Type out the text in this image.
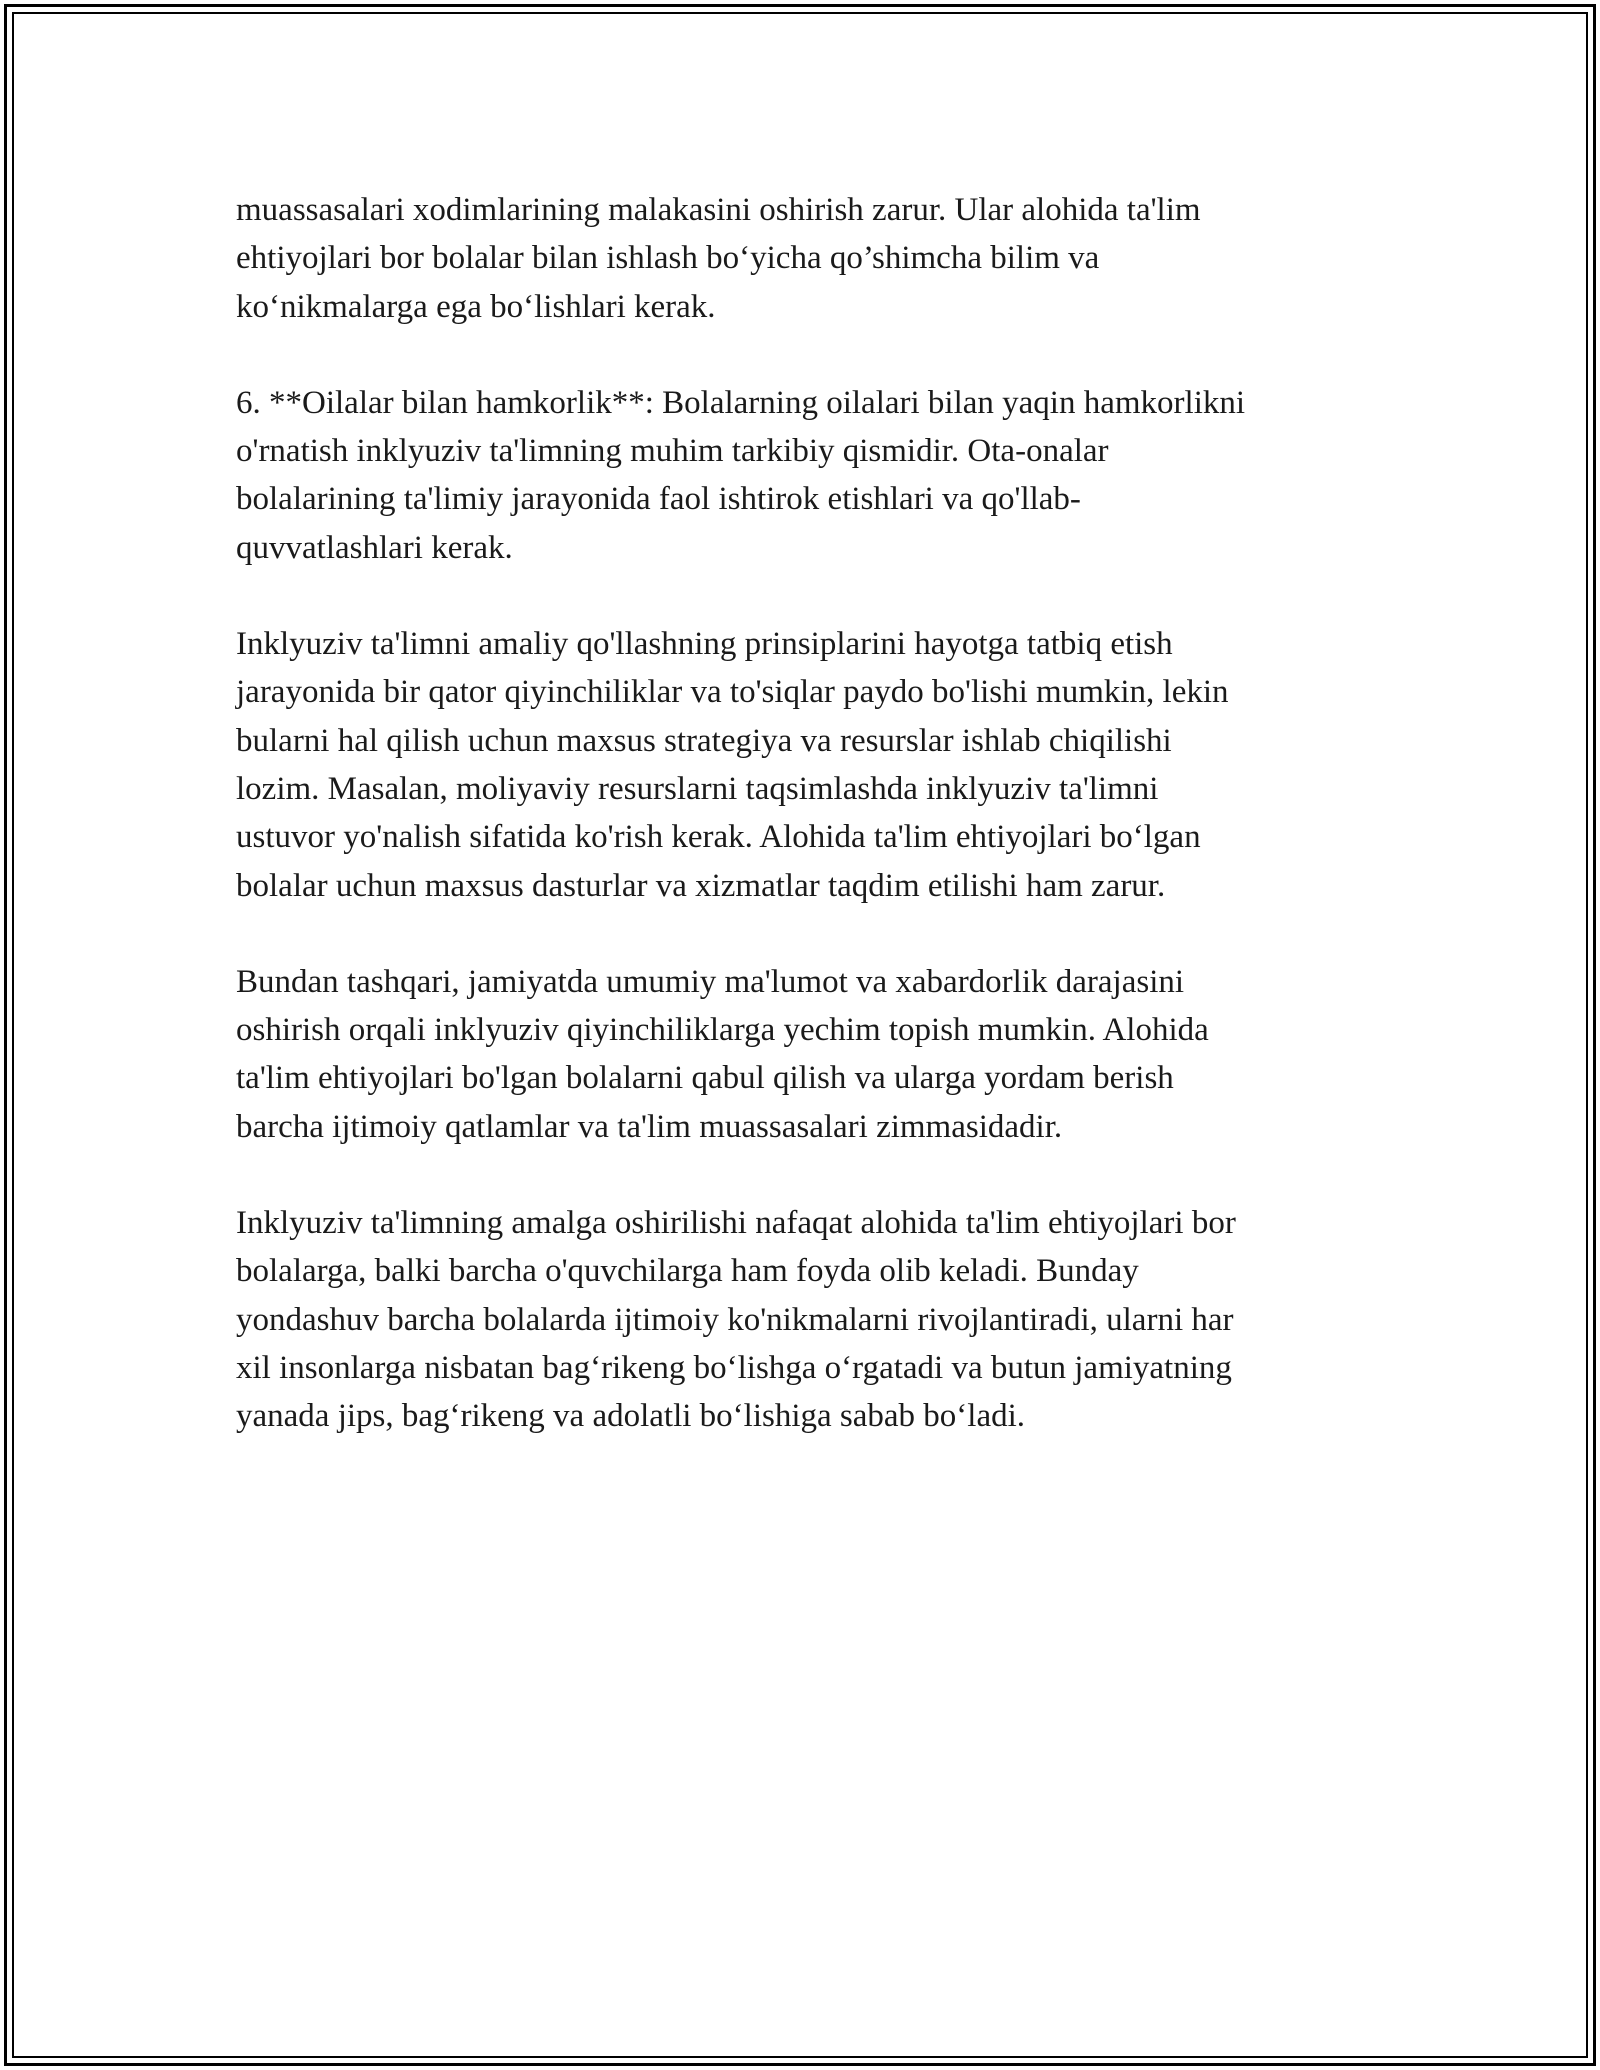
muassasalari xodimlarining malakasini oshirish zarur. Ular alohida ta'lim
ehtiyojlari bor bolalar bilan ishlash bo‘yicha qo’shimcha bilim va
ko‘nikmalarga ega bo‘lishlari kerak.

6. **Oilalar bilan hamkorlik**: Bolalarning oilalari bilan yaqin hamkorlikni
o'rnatish inklyuziv ta'limning muhim tarkibiy qismidir. Ota-onalar
bolalarining ta'limiy jarayonida faol ishtirok etishlari va qo'llab-
quvvatlashlari kerak.

Inklyuziv ta'limni amaliy qo'llashning prinsiplarini hayotga tatbiq etish
jarayonida bir qator qiyinchiliklar va to'siqlar paydo bo'lishi mumkin, lekin
bularni hal qilish uchun maxsus strategiya va resurslar ishlab chiqilishi
lozim. Masalan, moliyaviy resurslarni taqsimlashda inklyuziv ta'limni
ustuvor yo'nalish sifatida ko'rish kerak. Alohida ta'lim ehtiyojlari bo‘lgan
bolalar uchun maxsus dasturlar va xizmatlar taqdim etilishi ham zarur.

Bundan tashqari, jamiyatda umumiy ma'lumot va xabardorlik darajasini
oshirish orqali inklyuziv qiyinchiliklarga yechim topish mumkin. Alohida
ta'lim ehtiyojlari bo'lgan bolalarni qabul qilish va ularga yordam berish
barcha ijtimoiy qatlamlar va ta'lim muassasalari zimmasidadir.

Inklyuziv ta'limning amalga oshirilishi nafaqat alohida ta'lim ehtiyojlari bor
bolalarga, balki barcha o'quvchilarga ham foyda olib keladi. Bunday
yondashuv barcha bolalarda ijtimoiy ko'nikmalarni rivojlantiradi, ularni har
xil insonlarga nisbatan bag‘rikeng bo‘lishga o‘rgatadi va butun jamiyatning
yanada jips, bag‘rikeng va adolatli bo‘lishiga sabab bo‘ladi.
